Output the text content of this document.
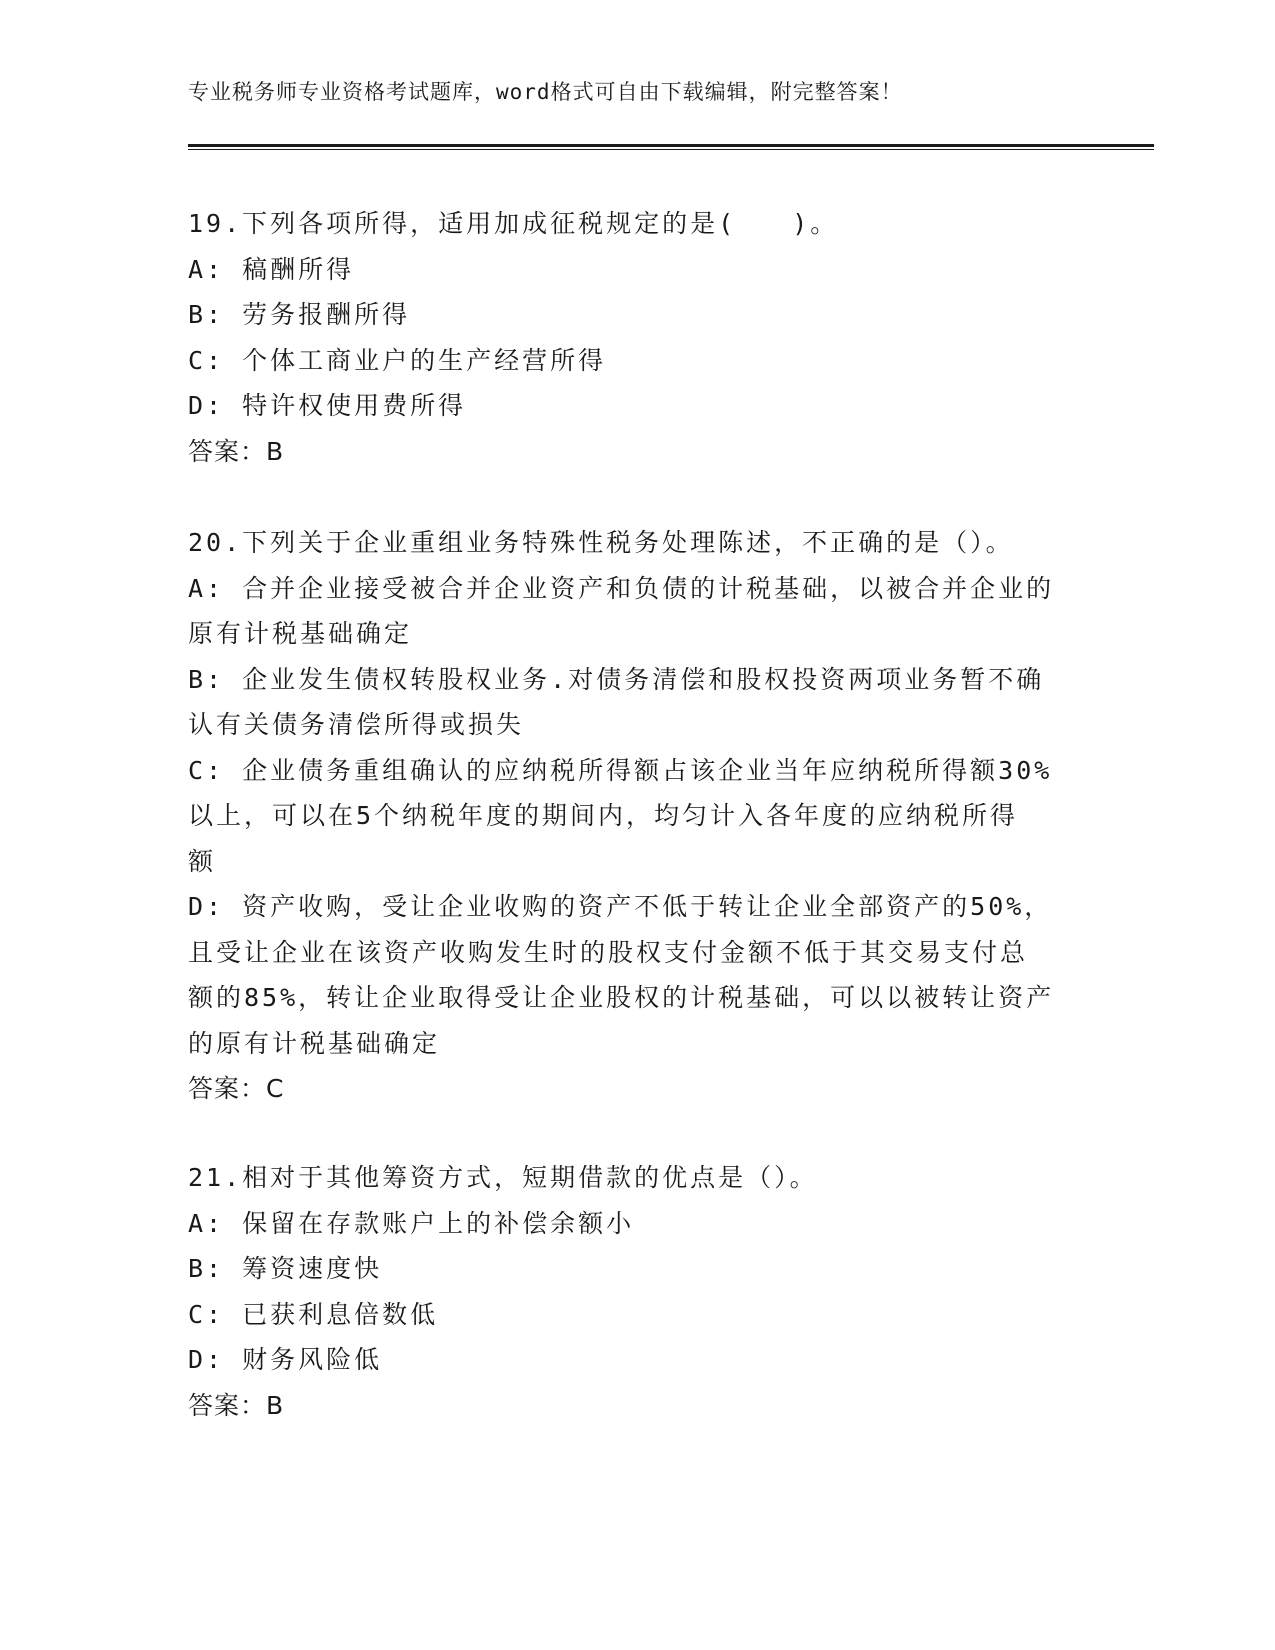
专业税务师专业资格考试题库，word格式可自由下载编辑，附完整答案！

19.下列各项所得，适用加成征税规定的是(　　)。

A: 稿酬所得

B: 劳务报酬所得

C: 个体工商业户的生产经营所得

D: 特许权使用费所得

答案：B

20.下列关于企业重组业务特殊性税务处理陈述，不正确的是（）。

A: 合并企业接受被合并企业资产和负债的计税基础，以被合并企业的

原有计税基础确定

B: 企业发生债权转股权业务.对债务清偿和股权投资两项业务暂不确

认有关债务清偿所得或损失

C: 企业债务重组确认的应纳税所得额占该企业当年应纳税所得额30%

以上，可以在5个纳税年度的期间内，均匀计入各年度的应纳税所得

额

D: 资产收购，受让企业收购的资产不低于转让企业全部资产的50%，

且受让企业在该资产收购发生时的股权支付金额不低于其交易支付总

额的85%，转让企业取得受让企业股权的计税基础，可以以被转让资产

的原有计税基础确定

答案：C

21.相对于其他筹资方式，短期借款的优点是（）。

A: 保留在存款账户上的补偿余额小

B: 筹资速度快

C: 已获利息倍数低

D: 财务风险低

答案：B
